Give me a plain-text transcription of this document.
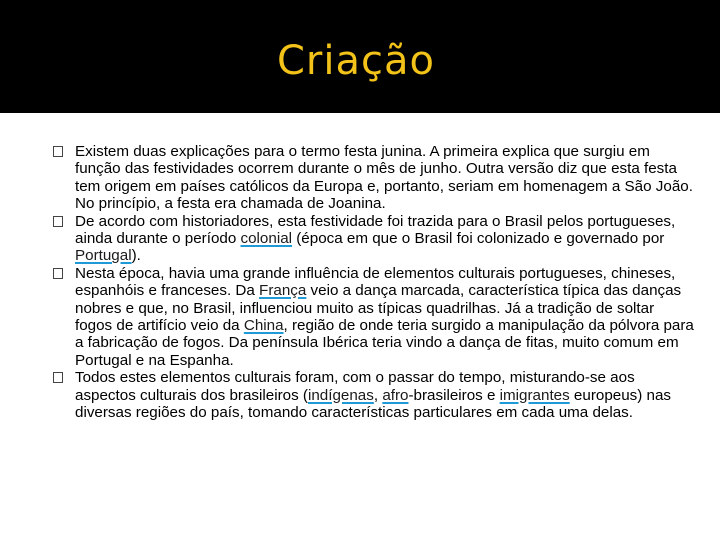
Criação
Existem duas explicações para o termo festa junina. A primeira explica que surgiu em função das festividades ocorrem durante o mês de junho. Outra versão diz que esta festa tem origem em países católicos da Europa e, portanto, seriam em homenagem a São João. No princípio, a festa era chamada de Joanina.
De acordo com historiadores, esta festividade foi trazida para o Brasil pelos portugueses, ainda durante o período colonial (época em que o Brasil foi colonizado e governado por Portugal).
Nesta época, havia uma grande influência de elementos culturais portugueses, chineses, espanhóis e franceses. Da França veio a dança marcada, característica típica das danças nobres e que, no Brasil, influenciou muito as típicas quadrilhas. Já a tradição de soltar fogos de artifício veio da China, região de onde teria surgido a manipulação da pólvora para a fabricação de fogos. Da península Ibérica teria vindo a dança de fitas, muito comum em Portugal e na Espanha.
Todos estes elementos culturais foram, com o passar do tempo, misturando-se aos aspectos culturais dos brasileiros (indígenas, afro-brasileiros e imigrantes europeus) nas diversas regiões do país, tomando características particulares em cada uma delas.
